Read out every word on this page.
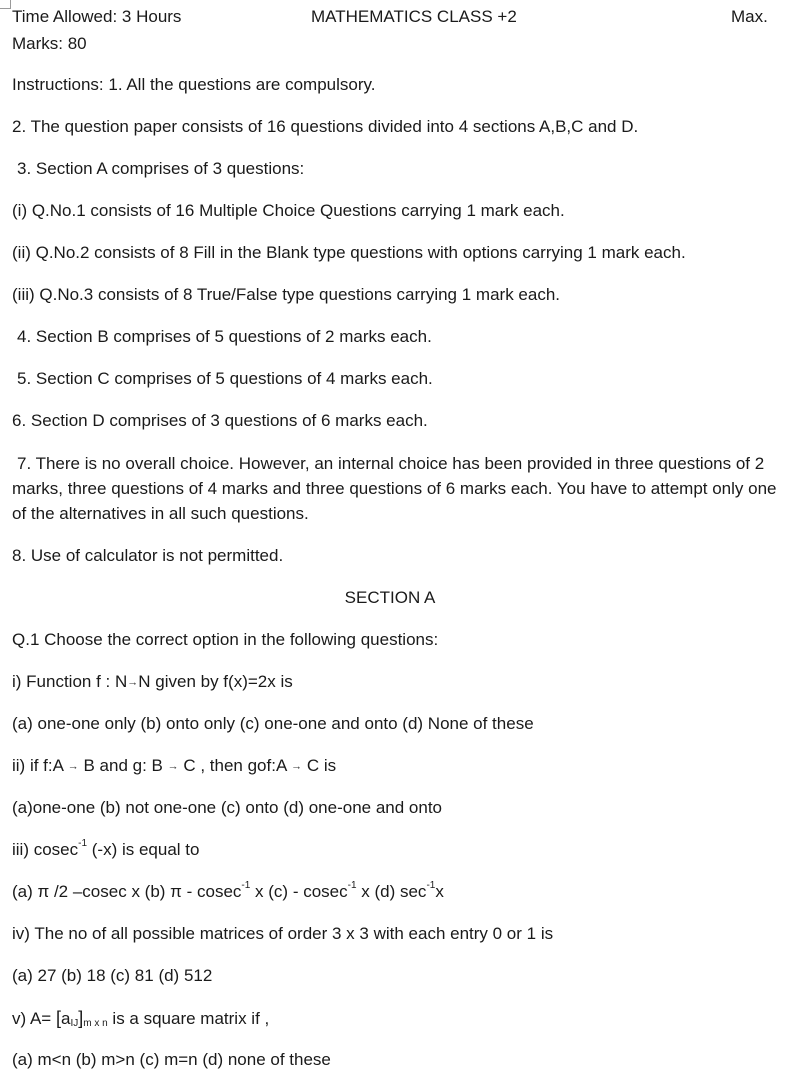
Time Allowed: 3 Hours	MATHEMATICS CLASS +2	Max.
Marks: 80
Instructions: 1. All the questions are compulsory.
2. The question paper consists of 16 questions divided into 4 sections A,B,C and D.
3. Section A comprises of 3 questions:
(i) Q.No.1 consists of 16 Multiple Choice Questions carrying 1 mark each.
(ii) Q.No.2 consists of 8 Fill in the Blank type questions with options carrying 1 mark each.
(iii) Q.No.3 consists of 8 True/False type questions carrying 1 mark each.
4. Section B comprises of 5 questions of 2 marks each.
5. Section C comprises of 5 questions of 4 marks each.
6. Section D comprises of 3 questions of 6 marks each.
7. There is no overall choice. However, an internal choice has been provided in three questions of 2 marks, three questions of 4 marks and three questions of 6 marks each. You have to attempt only one of the alternatives in all such questions.
8. Use of calculator is not permitted.
SECTION A
Q.1 Choose the correct option in the following questions:
i) Function f : N→N given by f(x)=2x is
(a) one-one only (b) onto only (c) one-one and onto (d) None of these
ii) if f:A → B and g: B → C , then gof:A → C is
(a)one-one (b) not one-one (c) onto (d) one-one and onto
iii) cosec$^{-1}$ (-x) is equal to
(a) π /2 –cosec x (b) π - cosec$^{-1}$ x (c) - cosec$^{-1}$ x (d) $\sec^{-1}x$
iv) The no of all possible matrices of order 3 x 3 with each entry 0 or 1 is
(a) 27 (b) 18 (c) 81 (d) 512
v) A= [aIJ]m x n is a square matrix if ,
(a) m<n (b) m>n (c) m=n (d) none of these
